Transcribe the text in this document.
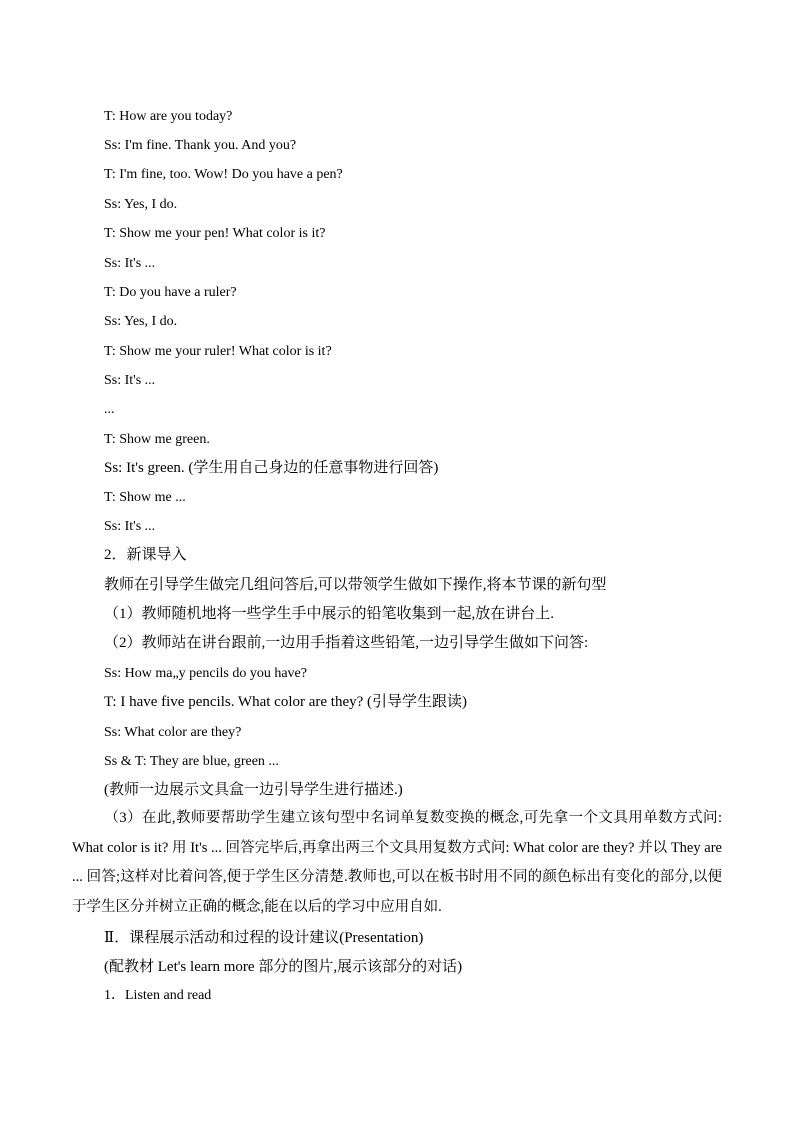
T: How are you today?
Ss: I'm fine. Thank you. And you?
T: I'm fine, too. Wow! Do you have a pen?
Ss: Yes, I do.
T: Show me your pen! What color is it?
Ss: It's ...
T: Do you have a ruler?
Ss: Yes, I do.
T: Show me your ruler! What color is it?
Ss: It's ...
...
T: Show me green.
Ss: It's green. (学生用自己身边的任意事物进行回答)
T: Show me ...
Ss: It's ...
2．新课导入
教师在引导学生做完几组问答后,可以带领学生做如下操作,将本节课的新句型
（1）教师随机地将一些学生手中展示的铅笔收集到一起,放在讲台上.
（2）教师站在讲台跟前,一边用手指着这些铅笔,一边引导学生做如下问答:
Ss: How ma„y pencils do you have?
T: I have five pencils. What color are they? (引导学生跟读)
Ss: What color are they?
Ss & T: They are blue, green ...
(教师一边展示文具盒一边引导学生进行描述.)
（3）在此,教师要帮助学生建立该句型中名词单复数变换的概念,可先拿一个文具用单数方式问: What color is it? 用 It's ... 回答完毕后,再拿出两三个文具用复数方式问: What color are they? 并以 They are ... 回答;这样对比着问答,便于学生区分清楚.教师也,可以在板书时用不同的颜色标出有变化的部分,以便于学生区分并树立正确的概念,能在以后的学习中应用自如.
Ⅱ．课程展示活动和过程的设计建议(Presentation)
(配教材 Let's learn more 部分的图片,展示该部分的对话)
1．Listen and read
